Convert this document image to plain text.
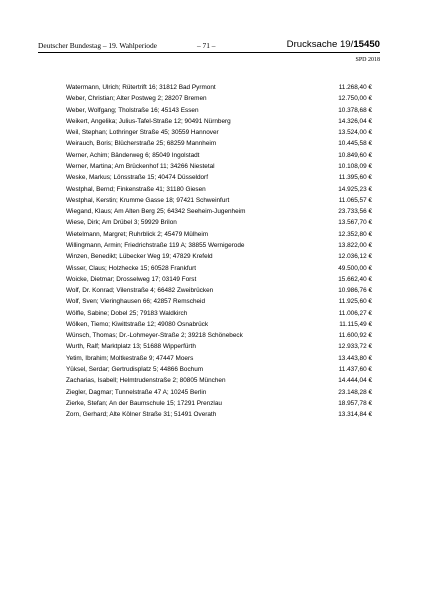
Deutscher Bundestag – 19. Wahlperiode	– 71 –	Drucksache 19/15450
SPD 2018
Watermann, Ulrich; Rütertrift 16; 31812 Bad Pyrmont	11.268,40 €
Weber, Christian; Alter Postweg 2; 28207 Bremen	12.750,00 €
Weber, Wolfgang; Tholstraße 16; 45143 Essen	10.378,68 €
Weikert, Angelika; Julius-Tafel-Straße 12; 90491 Nürnberg	14.326,04 €
Weil, Stephan; Lothringer Straße 45; 30559 Hannover	13.524,00 €
Weirauch, Boris; Blücherstraße 25; 68259 Mannheim	10.445,58 €
Werner, Achim; Bänderweg 6; 85049 Ingolstadt	10.849,60 €
Werner, Martina; Am Brückenhof 11; 34266 Niestetal	10.108,09 €
Weske, Markus; Lönsstraße 15; 40474 Düsseldorf	11.395,60 €
Westphal, Bernd; Finkenstraße 41; 31180 Giesen	14.925,23 €
Westphal, Kerstin; Krumme Gasse 18; 97421 Schweinfurt	11.065,57 €
Wiegand, Klaus; Am Alten Berg 25; 64342 Seeheim-Jugenheim	23.733,56 €
Wiese, Dirk; Am Drübel 3; 59929 Brilon	13.567,70 €
Wietelmann, Margret; Ruhrblick 2; 45479 Mülheim	12.352,80 €
Willingmann, Armin; Friedrichstraße 119 A; 38855 Wernigerode	13.822,00 €
Winzen, Benedikt; Lübecker Weg 19; 47829 Krefeld	12.036,12 €
Wisser, Claus; Holzhecke 15; 60528 Frankfurt	49.500,00 €
Woicke, Dietmar; Drosselweg 17; 03149 Forst	15.662,40 €
Wolf, Dr. Konrad; Vilenstraße 4; 66482 Zweibrücken	10.986,76 €
Wolf, Sven; Vieringhausen 66; 42857 Remscheid	11.925,60 €
Wölfle, Sabine; Dobel 25; 79183 Waldkirch	11.006,27 €
Wölken, Tiemo; Kiwittstraße 12; 49080 Osnabrück	11.115,49 €
Wünsch, Thomas; Dr.-Lohmeyer-Straße 2; 39218 Schönebeck	11.600,92 €
Wurth, Ralf; Marktplatz 13; 51688 Wipperfürth	12.933,72 €
Yetim, Ibrahim; Moltkestraße 9; 47447 Moers	13.443,80 €
Yüksel, Serdar; Gertrudisplatz 5; 44866 Bochum	11.437,60 €
Zacharias, Isabell; Helmtrudenstraße 2; 80805 München	14.444,04 €
Ziegler, Dagmar; Tunnelstraße 47 A; 10245 Berlin	23.148,28 €
Zierke, Stefan; An der Baumschule 15; 17291 Prenzlau	18.957,78 €
Zorn, Gerhard; Alte Kölner Straße 31; 51491 Overath	13.314,84 €
